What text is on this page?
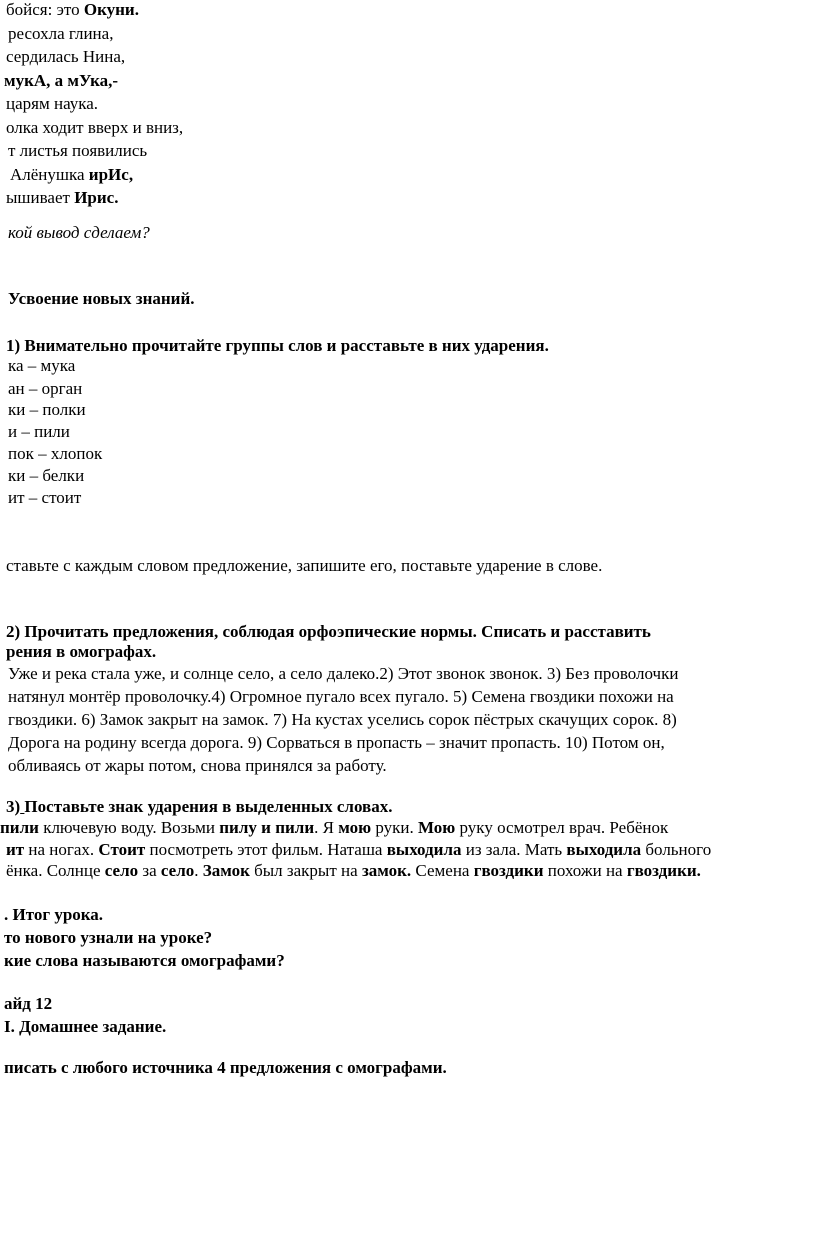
бойся: это Окуни.
ресохла глина,
сердилась Нина,
мукА, а мУка,-
царям наука.
олка ходит вверх и вниз,
т листья появились
Алёнушка ирИс,
ышивает Ирис.
кой вывод сделаем?
Усвоение новых знаний.
1) Внимательно прочитайте группы слов и расставьте в них ударения.
ка – мука
ан – орган
ки – полки
и – пили
пок – хлопок
ки – белки
ит – стоит
ставьте с каждым словом предложение, запишите его, поставьте ударение в слове.
2) Прочитать предложения, соблюдая орфоэпические нормы. Списать и расставить
рения в омографах.
Уже и река стала уже, и солнце село, а село далеко.2) Этот звонок звонок. 3) Без проволочки
натянул монтёр проволочку.4) Огромное пугало всех пугало. 5) Семена гвоздики похожи на
гвоздики. 6) Замок закрыт на замок. 7) На кустах уселись сорок пёстрых скачущих сорок. 8)
Дорога на родину всегда дорога. 9) Сорваться в пропасть – значит пропасть. 10) Потом он,
обливаясь от жары потом, снова принялся за работу.
3) Поставьте знак ударения в выделенных словах.
пили ключевую воду. Возьми пилу и пили. Я мою руки. Мою руку осмотрел врач. Ребёнок
ит на ногах. Стоит посмотреть этот фильм. Наташа выходила из зала. Мать выходила больного
ёнка. Солнце село за село. Замок был закрыт на замок. Семена гвоздики похожи на гвоздики.
. Итог урока.
то нового узнали на уроке?
кие слова называются омографами?
айд 12
I. Домашнее задание.
писать с любого источника 4 предложения с омографами.
